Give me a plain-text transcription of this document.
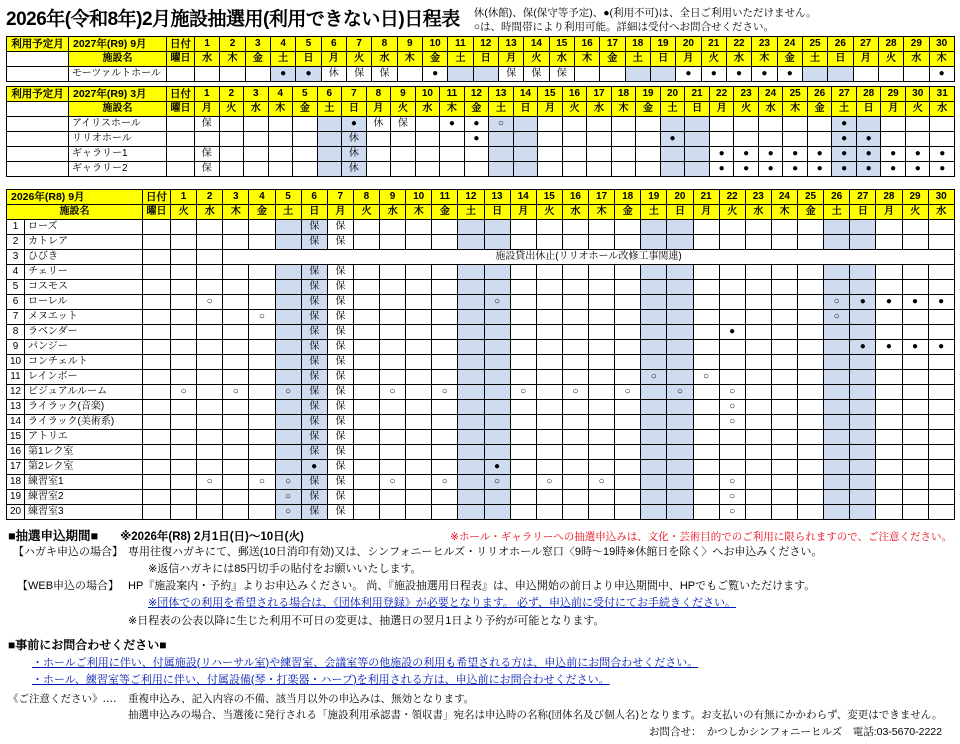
2026年(令和8年)2月施設抽選用(利用できない日)日程表 休(休館)、保(保守等予定)、●(利用不可)は、全日ご利用いただけません。
○は、時間帯により利用可能。詳細は受付へお問合せください。
利用予定月	2027年(R9) 9月	日付	1	2	3	4	5	6	7	8	9	10	11	12	13	14	15	16	17	18	19	20	21	22	23	24	25	26	27	28	29	30
	施設名	曜日	水	木	金	土	日	月	火	水	木	金	土	日	月	火	水	木	金	土	日	月	火	水	木	金	土	日	月	火	水	木
	モーツァルトホール					●	●	休	保	保		●			保	保	保					●	●	●	●	●						●
利用予定月	2027年(R9) 3月	日付	1	2	3	4	5	6	7	8	9	10	11	12	13	14	15	16	17	18	19	20	21	22	23	24	25	26	27	28	29	30	31
	施設名	曜日	月	火	水	木	金	土	日	月	火	水	木	金	土	日	月	火	水	木	金	土	日	月	火	水	木	金	土	日	月	火	水
	アイリスホール		保						●	休	保		●	●	○														●				
	リリオホール								休					●								●							●	●			
	ギャラリー1		保						休															●	●	●	●	●	●	●	●	●	●
	ギャラリー2		保						休															●	●	●	●	●	●	●	●	●	●
2026年(R8) 9月		日付	1	2	3	4	5	6	7	8	9	10	11	12	13	14	15	16	17	18	19	20	21	22	23	24	25	26	27	28	29	30
施設名		曜日	火	水	木	金	土	日	月	火	水	木	金	土	日	月	火	水	木	金	土	日	月	火	水	木	金	土	日	月	火	水
1	ローズ							保	保																							
2	カトレア							保	保																							
3	ひびき				施設貸出休止(リリオホール改修工事関連)																											
4	チェリー							保	保																							
5	コスモス							保	保																							
6	ローレル			○				保	保						○													○	●	●	●	●
7	メヌエット					○		保	保																			○				
8	ラベンダー							保	保															●								
9	パンジー							保	保																				●	●	●	●
10	コンチェルト							保	保																							
11	レインボー							保	保												○		○									
12	ビジュアルルーム		○		○		○	保	保		○		○			○		○		○		○		○								
13	ライラック(音楽)							保	保															○								
14	ライラック(美術系)							保	保															○								
15	アトリエ							保	保																							
16	第1レク室							保	保																							
17	第2レク室							●	保						●																	
18	練習室1			○		○	○	保	保		○		○		○		○		○					○								
19	練習室2						○	保	保															○								
20	練習室3						○	保	保															○								
■抽選申込期間■ ※2026年(R8) 2月1日(日)～10日(火)	※ホール・ギャラリーへの抽選申込みは、文化・芸術目的でのご利用に限られますので、ご注意ください。
【ハガキ申込の場合】 専用往復ハガキにて、郵送(10日消印有効)又は、シンフォニーヒルズ・リリオホール窓口〈9時～19時※休館日を除く〉へお申込みください。
※返信ハガキには85円切手の貼付をお願いいたします。
【WEB申込の場合】 HP『施設案内・予約』よりお申込みください。 尚、『施設抽選用日程表』は、申込開始の前日より申込期間中、HPでもご覧いただけます。
※団体での利用を希望される場合は、《団体利用登録》が必要となります。 必ず、申込前に受付にてお手続きください。
※日程表の公表以降に生じた利用不可日の変更は、抽選日の翌月1日より予約が可能となります。
■事前にお問合わせください■
・ホールご利用に伴い、付属施設(リハーサル室)や練習室、会議室等の他施設の利用も希望される方は、申込前にお問合わせください。
・ホール、練習室等ご利用に伴い、付属設備(琴・打楽器・ハープ)を利用される方は、申込前にお問合わせください。
《ご注意ください》‥‥	重複申込み、記入内容の不備、該当月以外の申込みは、無効となります。
抽選申込みの場合、当選後に発行される「施設利用承認書・領収書」宛名は申込時の名称(団体名及び個人名)となります。お支払いの有無にかかわらず、変更はできません。
お問合せ：　かつしかシンフォニーヒルズ　電話:03-5670-2222
